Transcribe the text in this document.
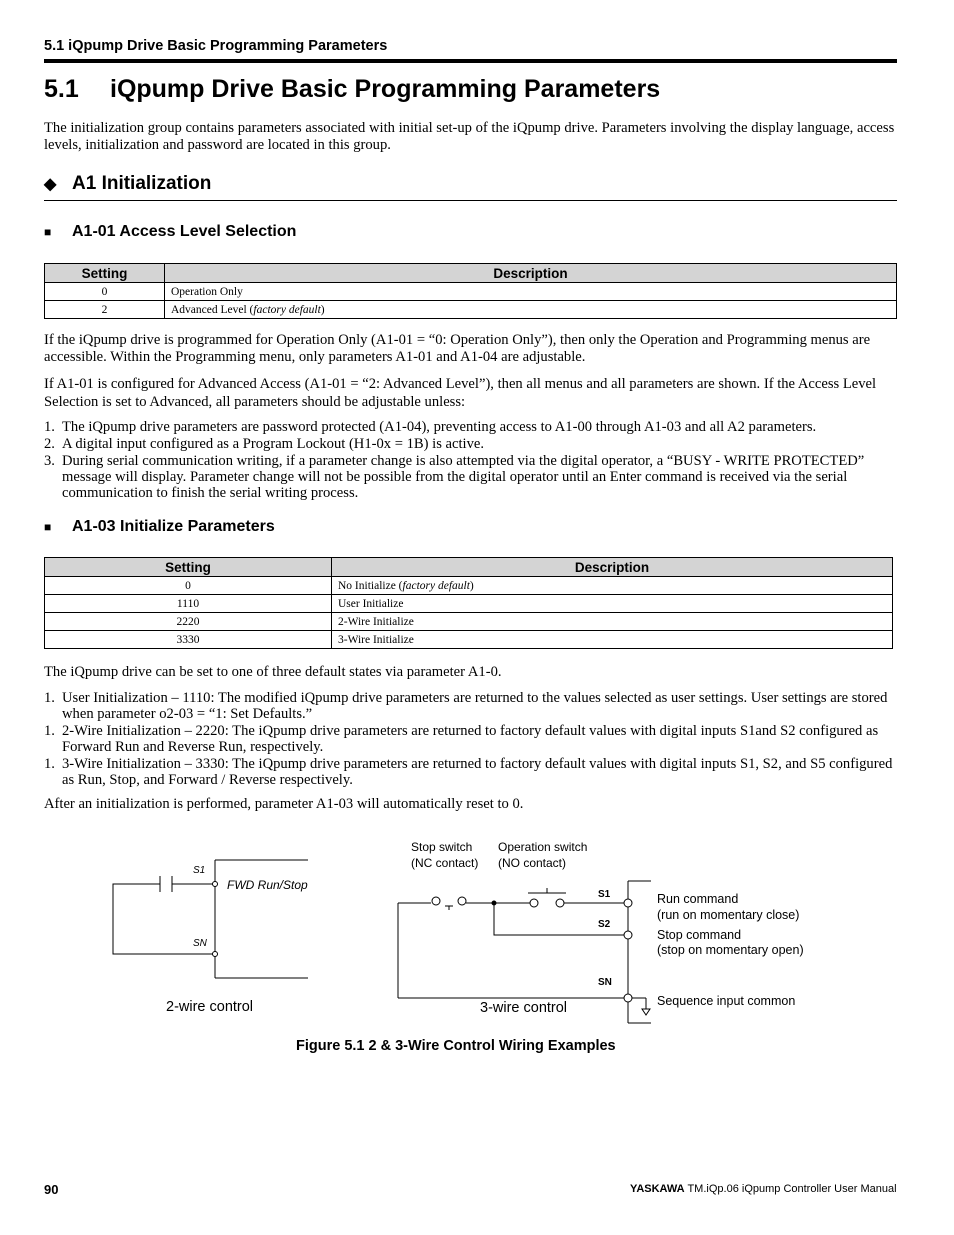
5.1 iQpump Drive Basic Programming Parameters
5.1 iQpump Drive Basic Programming Parameters
The initialization group contains parameters associated with initial set-up of the iQpump drive. Parameters involving the display language, access levels, initialization and password are located in this group.
◆ A1 Initialization
■ A1-01 Access Level Selection
Setting	Description
0	Operation Only
2	Advanced Level (factory default)
If the iQpump drive is programmed for Operation Only (A1-01 = “0: Operation Only”), then only the Operation and Programming menus are accessible. Within the Programming menu, only parameters A1-01 and A1-04 are adjustable.
If A1-01 is configured for Advanced Access (A1-01 = “2: Advanced Level”), then all menus and all parameters are shown. If the Access Level Selection is set to Advanced, all parameters should be adjustable unless:
1. The iQpump drive parameters are password protected (A1-04), preventing access to A1-00 through A1-03 and all A2 parameters.
2. A digital input configured as a Program Lockout (H1-0x = 1B) is active.
3. During serial communication writing, if a parameter change is also attempted via the digital operator, a “BUSY - WRITE PROTECTED” message will display. Parameter change will not be possible from the digital operator until an Enter command is received via the serial communication to finish the serial writing process.
■ A1-03 Initialize Parameters
Setting	Description
0	No Initialize (factory default)
1110	User Initialize
2220	2-Wire Initialize
3330	3-Wire Initialize
The iQpump drive can be set to one of three default states via parameter A1-0.
1. User Initialization – 1110: The modified iQpump drive parameters are returned to the values selected as user settings. User settings are stored when parameter o2-03 = “1: Set Defaults.”
1. 2-Wire Initialization – 2220: The iQpump drive parameters are returned to factory default values with digital inputs S1and S2 configured as Forward Run and Reverse Run, respectively.
1. 3-Wire Initialization – 3330: The iQpump drive parameters are returned to factory default values with digital inputs S1, S2, and S5 configured as Run, Stop, and Forward / Reverse respectively.
After an initialization is performed, parameter A1-03 will automatically reset to 0.
S1
SN
FWD Run/Stop
2-wire control
Stop switch
(NC contact)
Operation switch
(NO contact)
S1
S2
SN
Run command
(run on momentary close)
Stop command
(stop on momentary open)
Sequence input common
3-wire control
Figure 5.1 2 & 3-Wire Control Wiring Examples
90	YASKAWA TM.iQp.06 iQpump Controller User Manual
